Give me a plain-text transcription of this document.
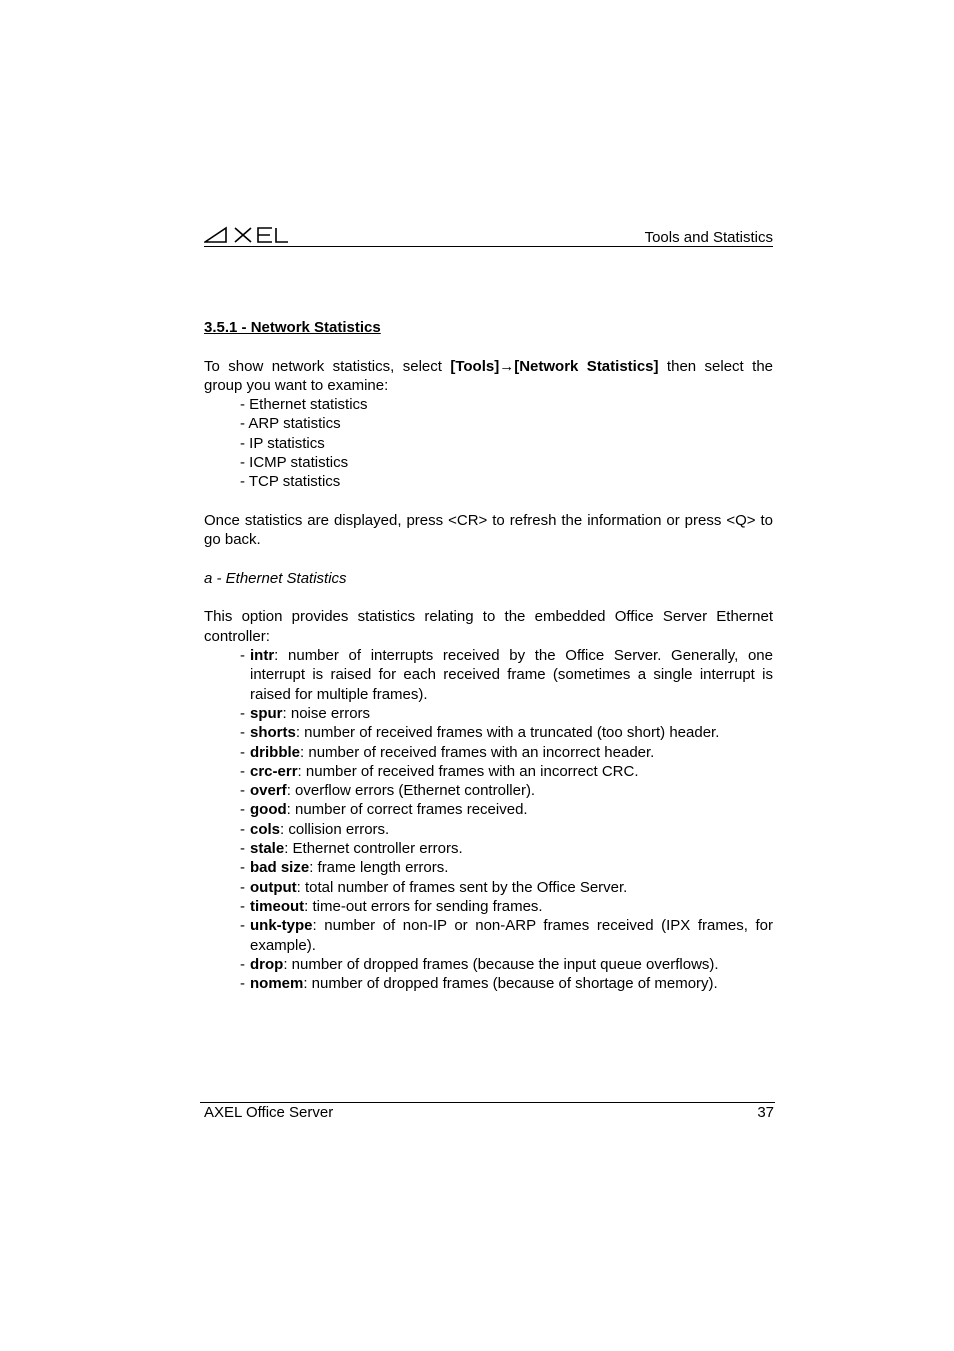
Tools and Statistics

3.5.1 - Network Statistics

To show network statistics, select [Tools]→[Network Statistics] then select the group you want to examine:

- Ethernet statistics
- ARP statistics
- IP statistics
- ICMP statistics
- TCP statistics

Once statistics are displayed, press <CR> to refresh the information or press <Q> to go back.

a - Ethernet Statistics

This option provides statistics relating to the embedded Office Server Ethernet controller:

- intr: number of interrupts received by the Office Server. Generally, one interrupt is raised for each received frame (sometimes a single interrupt is raised for multiple frames).
- spur: noise errors
- shorts: number of received frames with a truncated (too short) header.
- dribble: number of received frames with an incorrect header.
- crc-err: number of received frames with an incorrect CRC.
- overf: overflow errors (Ethernet controller).
- good: number of correct frames received.
- cols: collision errors.
- stale: Ethernet controller errors.
- bad size: frame length errors.
- output: total number of frames sent by the Office Server.
- timeout: time-out errors for sending frames.
- unk-type: number of non-IP or non-ARP frames received (IPX frames, for example).
- drop: number of dropped frames (because the input queue overflows).
- nomem: number of dropped frames (because of shortage of memory).
AXEL Office Server	37
